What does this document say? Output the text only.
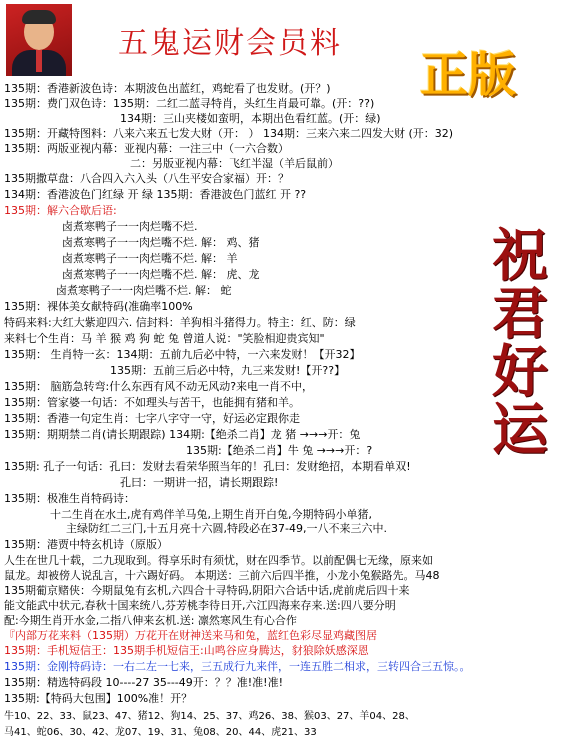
五鬼运财会员料
正版
祝
君
好
运
135期：香港新波色诗：本期波色出蓝红，鸡蛇看了也发财。(开？)
135期：费门双色诗：135期：二红二蓝寻特肖，头红生肖最可靠。(开：??)
134期：三山夹楼如蛮明，本期出色看红蓝。(开：绿)
135期：开藏特图料：八来六来五七发大财（开： ） 134期：三来六来二四发大财 (开：32)
135期：两版亚视内幕：亚视内幕：一注三中（一六合数）
二：另版亚视内幕：飞红半湿（羊后鼠前）
135期撒草盘：八合四入六入头（八生平安合家福）开：？
134期：香港波色门红绿 开 绿 135期：香港波色门蓝红 开 ??
135期：解六合歇后语:
卤煮寒鸭子一一肉烂嘴不烂.
卤煮寒鸭子一一肉烂嘴不烂. 解： 鸡、猪
卤煮寒鸭子一一肉烂嘴不烂. 解： 羊
卤煮寒鸭子一一肉烂嘴不烂. 解： 虎、龙
卤煮寒鸭子一一肉烂嘴不烂. 解： 蛇
135期：裸体美女献特码(准确率100%
特码来料:大红大紫迎四六. 信封料：羊狗相斗猪得力。特主：红、防：绿
来料七个生肖：马 羊 猴 鸡 狗 蛇 兔 曾道人说："笑脸相迎贵宾知"
135期： 生肖特一玄：134期：五前九后必中特，一六来发财！【开32】
135期：五前三后必中特，九三来发财!【开??】
135期： 脑筋急转弯:什么东西有风不动无风动?来电一肖不中，
135期：管家婆一句话：不如理头与苦干，也能拥有猪和羊。
135期：香港一句定生肖：七字八字守一守，好运必定跟你走
135期：期期禁二肖(请长期跟踪) 134期:【绝杀二肖】龙 猪 →→→开：兔
135期:【绝杀二肖】牛 兔 →→→开：?
135期: 孔子一句话：孔曰：发财去看荣华照当年的！孔曰：发财绝招，本期看单双!
孔曰：一期讲一招，请长期跟踪!
135期：极准生肖特码诗：
十二生肖在水土,虎有鸡伴羊马兔,上期生肖开白兔,今期特码小单猪,
主绿防红二三门,十五月亮十六圆,特段必在37-49,一八不来三六中.
135期：港贾中特玄机诗（原版）
人生在世几十载，二九现取到。得享乐时有须忧，财在四季节。以前配偶七无缘，原来如
鼠龙。却被傍人说乱言，十六踢好码。 本期送：三前六后四半推，小龙小兔猴路先。马48
135期葡京赌侠：今期鼠兔有玄机,六四合十寻特码,阴阳六合话中话,虎前虎后四十来
能文能武中状元,春秋十国来统八,芬芳桃李待日开,六江四海来存来.送:四八要分明
配:今期生肖开水金,二指八伸来玄机.送: 凛然寒风生有心合作
『内部万花来料（135期）万花开在财神送来马和兔，蓝红色彩尽显鸡藏图居
135期：手机短信王：135期手机短信王:山鸣谷应身腾达，豺狼除妖感深恩
135期：金刚特码诗：一右二左一七来，三五成行九来伴，一连五胜二相求，三转四合三五惊。。
135期：精选特码段 10----27 35---49开：？？准!准!准!
135期:【特码大包围】100%准！开？
牛10、22、33、鼠23、47、猪12、狗14、25、37、鸡26、38、猴03、27、羊04、28、
马41、蛇06、30、42、龙07、19、31、兔08、20、44、虎21、33
